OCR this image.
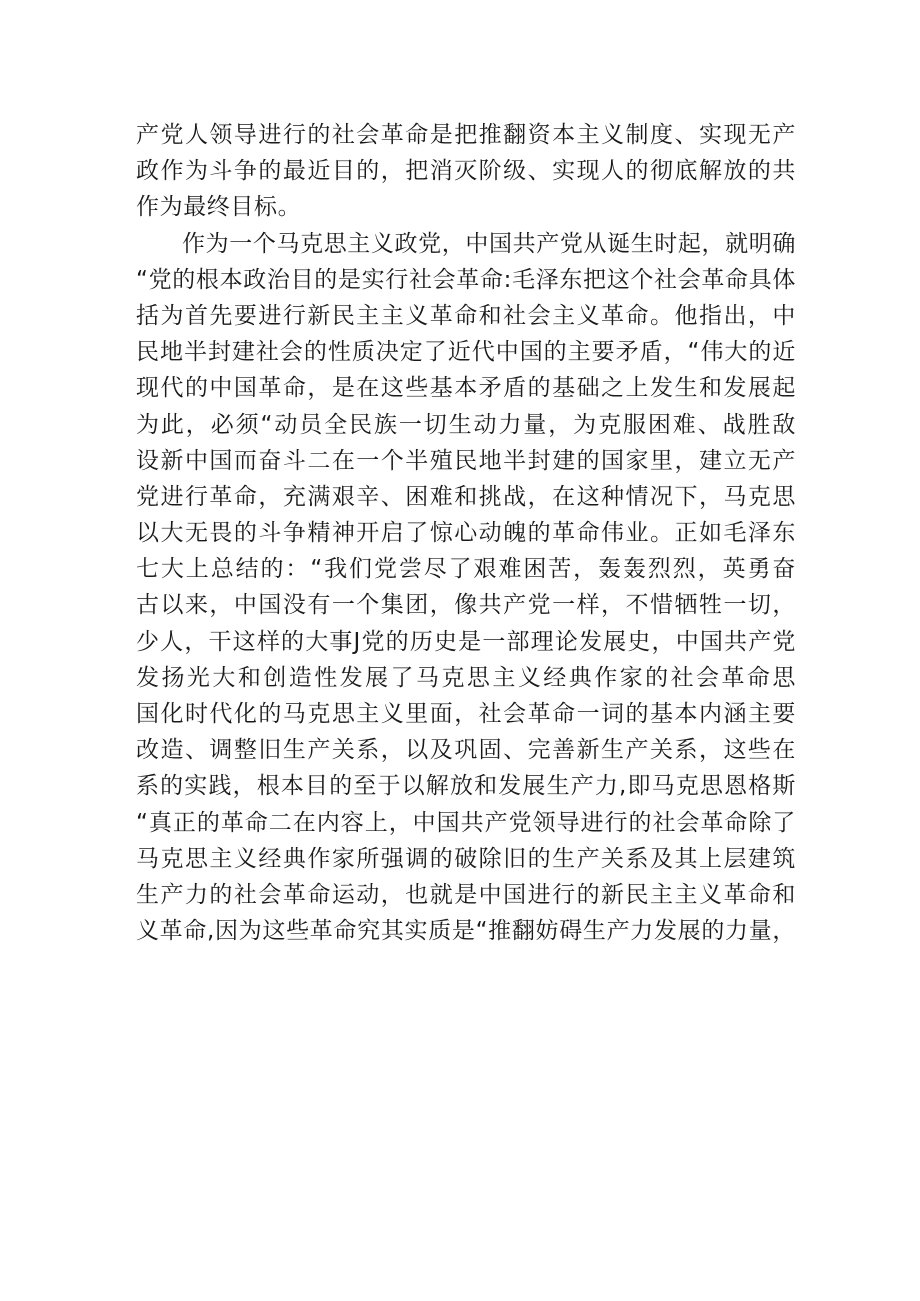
产党人领导进行的社会革命是把推翻资本主义制度、实现无产
政作为斗争的最近目的，把消灭阶级、实现人的彻底解放的共
作为最终目标。
作为一个马克思主义政党，中国共产党从诞生时起，就明确
“党的根本政治目的是实行社会革命:毛泽东把这个社会革命具体
括为首先要进行新民主主义革命和社会主义革命。他指出，中
民地半封建社会的性质决定了近代中国的主要矛盾，“伟大的近
现代的中国革命，是在这些基本矛盾的基础之上发生和发展起
为此，必须“动员全民族一切生动力量，为克服困难、战胜敌
设新中国而奋斗二在一个半殖民地半封建的国家里，建立无产
党进行革命，充满艰辛、困难和挑战，在这种情况下，马克思
以大无畏的斗争精神开启了惊心动魄的革命伟业。正如毛泽东
七大上总结的：“我们党尝尽了艰难困苦，轰轰烈烈，英勇奋
古以来，中国没有一个集团，像共产党一样，不惜牺牲一切，
少人，干这样的大事J党的历史是一部理论发展史，中国共产党
发扬光大和创造性发展了马克思主义经典作家的社会革命思
国化时代化的马克思主义里面，社会革命一词的基本内涵主要
改造、调整旧生产关系，以及巩固、完善新生产关系，这些在
系的实践，根本目的至于以解放和发展生产力,即马克思恩格斯
“真正的革命二在内容上，中国共产党领导进行的社会革命除了
马克思主义经典作家所强调的破除旧的生产关系及其上层建筑
生产力的社会革命运动，也就是中国进行的新民主主义革命和
义革命,因为这些革命究其实质是“推翻妨碍生产力发展的力量，
